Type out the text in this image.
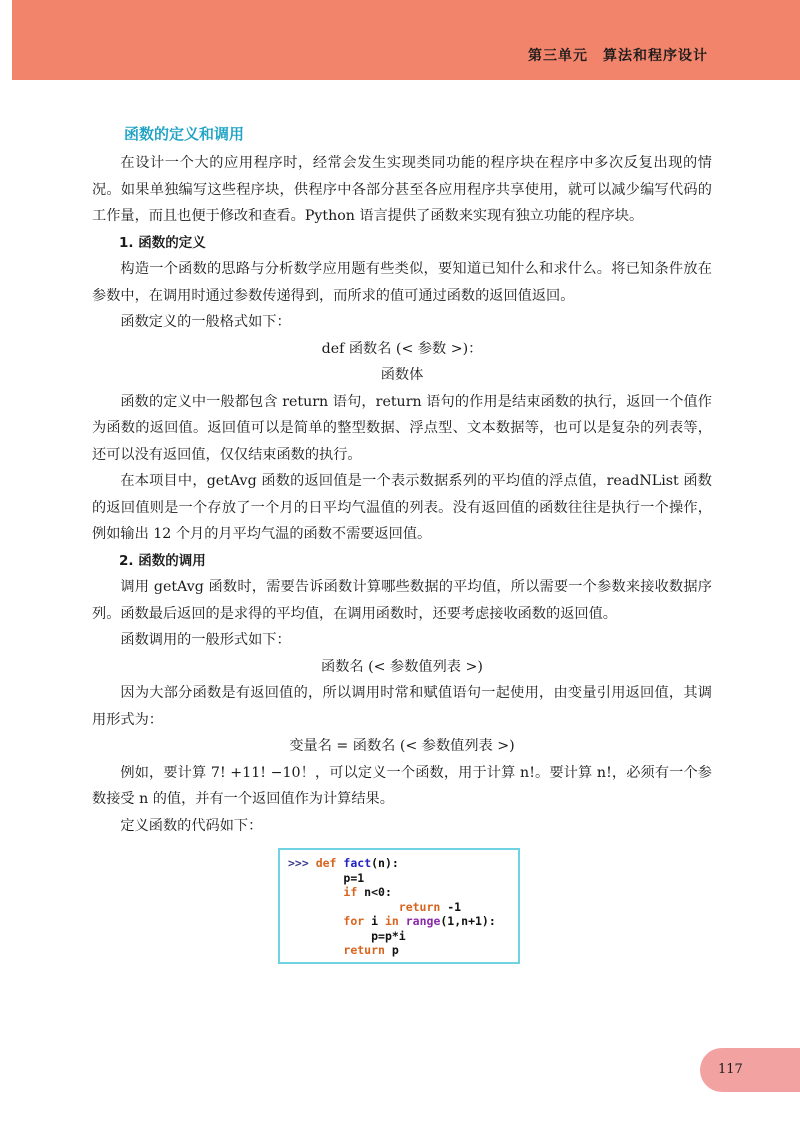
第三单元　算法和程序设计
函数的定义和调用

在设计一个大的应用程序时，经常会发生实现类同功能的程序块在程序中多次反复出现的情况。如果单独编写这些程序块，供程序中各部分甚至各应用程序共享使用，就可以减少编写代码的工作量，而且也便于修改和查看。Python 语言提供了函数来实现有独立功能的程序块。

1. 函数的定义

构造一个函数的思路与分析数学应用题有些类似，要知道已知什么和求什么。将已知条件放在参数中，在调用时通过参数传递得到，而所求的值可通过函数的返回值返回。

函数定义的一般格式如下：

def 函数名 (< 参数 >)：
函数体

函数的定义中一般都包含 return 语句，return 语句的作用是结束函数的执行，返回一个值作为函数的返回值。返回值可以是简单的整型数据、浮点型、文本数据等，也可以是复杂的列表等，还可以没有返回值，仅仅结束函数的执行。

在本项目中，getAvg 函数的返回值是一个表示数据系列的平均值的浮点值，readNList 函数的返回值则是一个存放了一个月的日平均气温值的列表。没有返回值的函数往往是执行一个操作，例如输出 12 个月的月平均气温的函数不需要返回值。

2. 函数的调用

调用 getAvg 函数时，需要告诉函数计算哪些数据的平均值，所以需要一个参数来接收数据序列。函数最后返回的是求得的平均值，在调用函数时，还要考虑接收函数的返回值。

函数调用的一般形式如下：

函数名 (< 参数值列表 >)

因为大部分函数是有返回值的，所以调用时常和赋值语句一起使用，由变量引用返回值，其调用形式为：

变量名 = 函数名 (< 参数值列表 >)

例如，要计算 7! +11! −10！，可以定义一个函数，用于计算 n!。要计算 n!，必须有一个参数接受 n 的值，并有一个返回值作为计算结果。

定义函数的代码如下：

>>> def fact(n):
p=1
if n<0:
return -1
for i in range(1,n+1):
p=p*i
return p
117
